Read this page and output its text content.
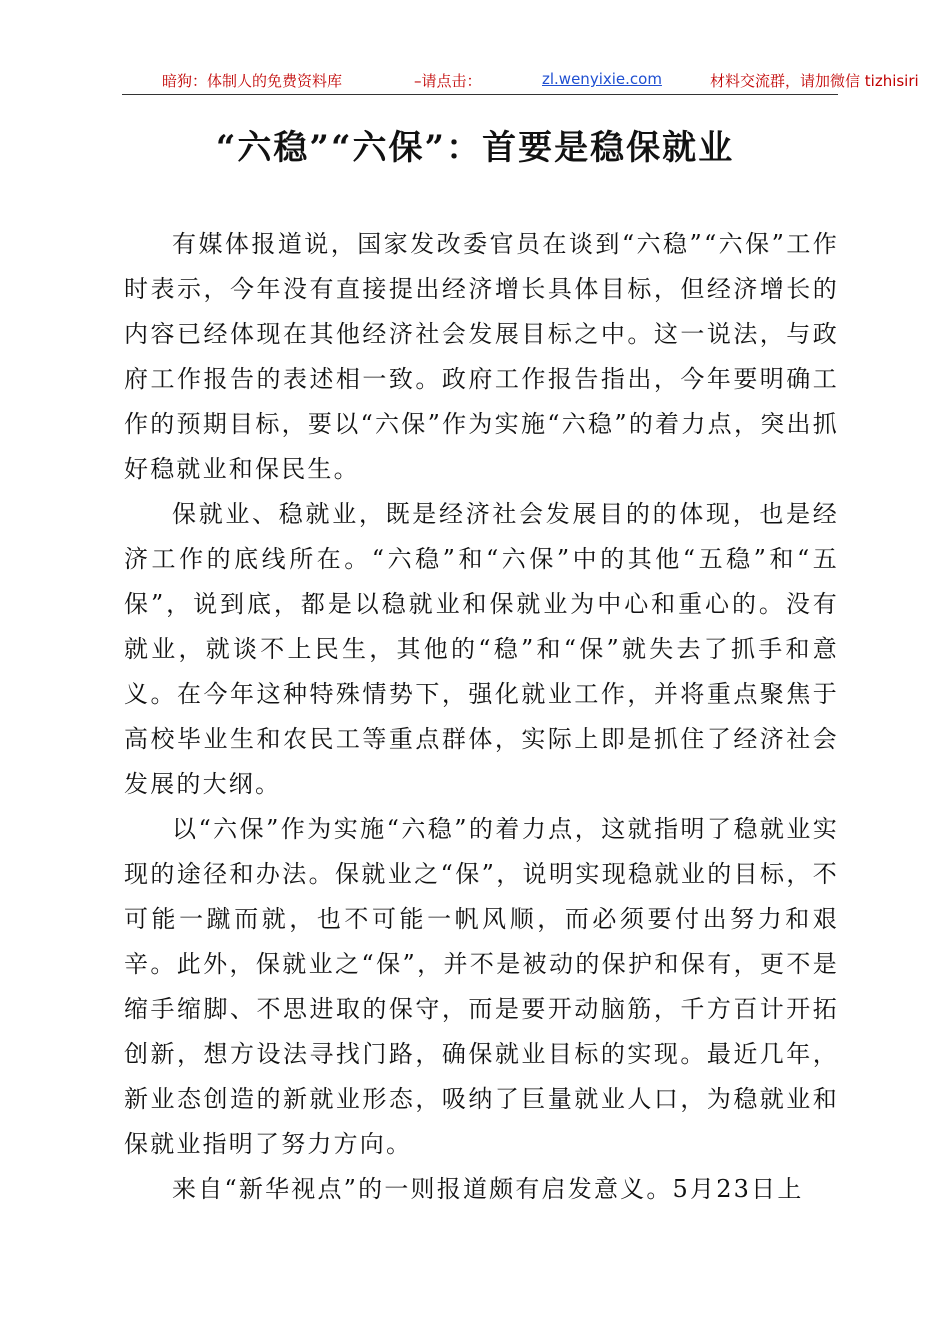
暗狗：体制人的免费资料库	–请点击：	zl.wenyixie.com	材料交流群，请加微信 tizhisiri
“六稳”“六保”：首要是稳保就业

有媒体报道说，国家发改委官员在谈到“六稳”“六保”工作时表示，今年没有直接提出经济增长具体目标，但经济增长的内容已经体现在其他经济社会发展目标之中。这一说法，与政府工作报告的表述相一致。政府工作报告指出，今年要明确工作的预期目标，要以“六保”作为实施“六稳”的着力点，突出抓好稳就业和保民生。

保就业、稳就业，既是经济社会发展目的的体现，也是经济工作的底线所在。“六稳”和“六保”中的其他“五稳”和“五保”，说到底，都是以稳就业和保就业为中心和重心的。没有就业，就谈不上民生，其他的“稳”和“保”就失去了抓手和意义。在今年这种特殊情势下，强化就业工作，并将重点聚焦于高校毕业生和农民工等重点群体，实际上即是抓住了经济社会发展的大纲。

以“六保”作为实施“六稳”的着力点，这就指明了稳就业实现的途径和办法。保就业之“保”，说明实现稳就业的目标，不可能一蹴而就，也不可能一帆风顺，而必须要付出努力和艰辛。此外，保就业之“保”，并不是被动的保护和保有，更不是缩手缩脚、不思进取的保守，而是要开动脑筋，千方百计开拓创新，想方设法寻找门路，确保就业目标的实现。最近几年，新业态创造的新就业形态，吸纳了巨量就业人口，为稳就业和保就业指明了努力方向。

来自“新华视点”的一则报道颇有启发意义。5月23日上
